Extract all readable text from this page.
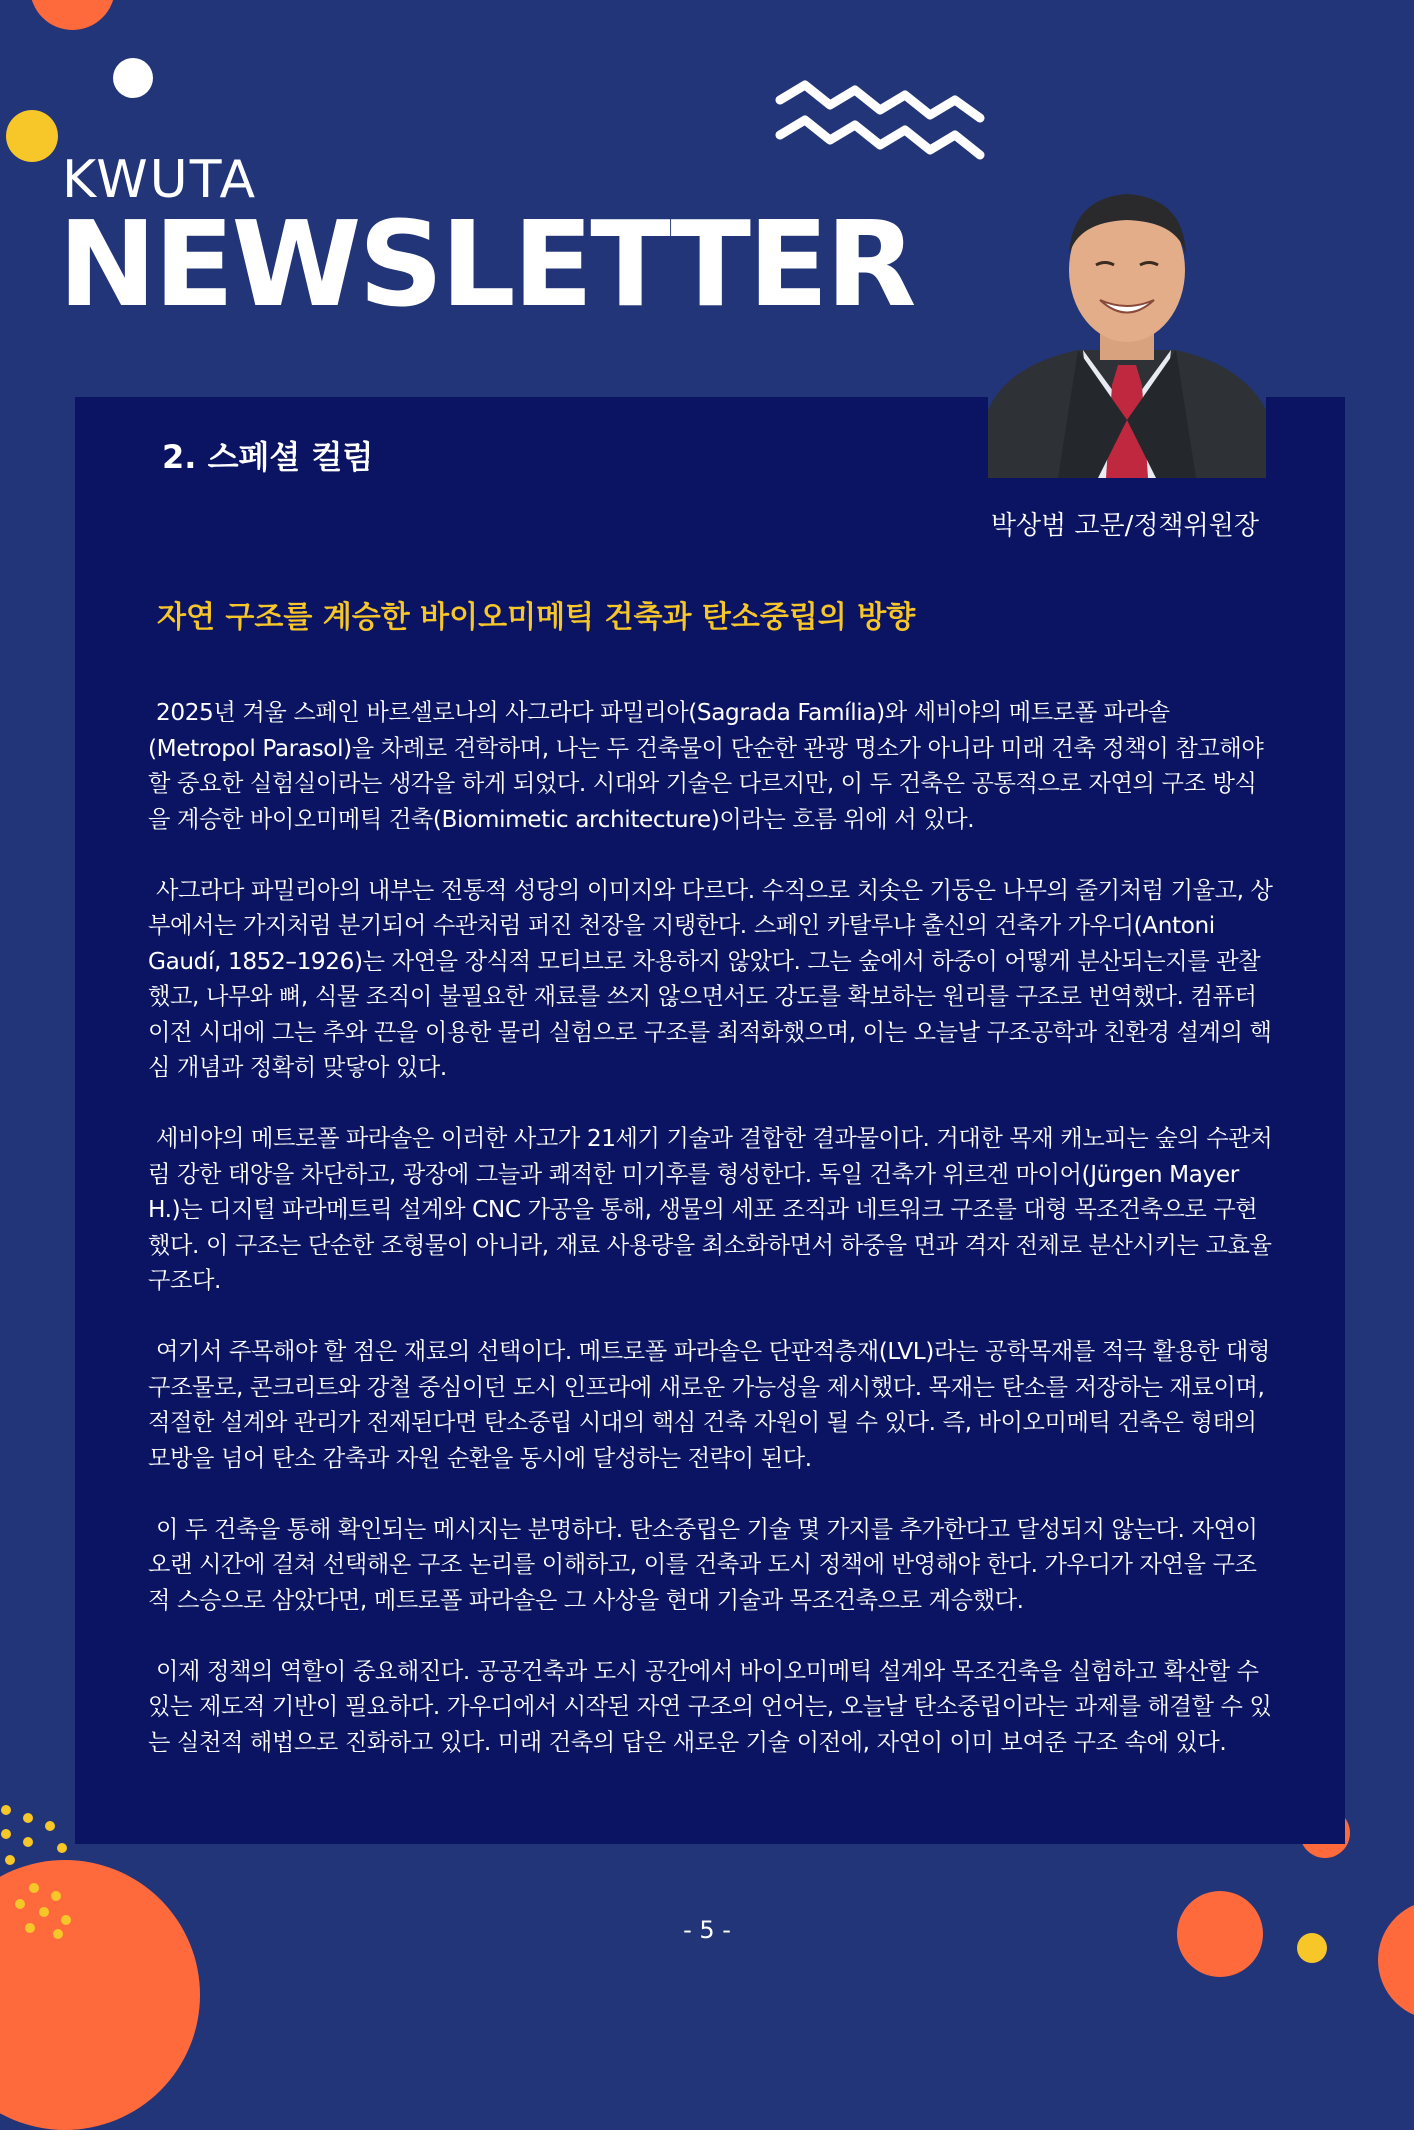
KWUTA
NEWSLETTER
2. 스페셜 컬럼
박상범 고문/정책위원장
자연 구조를 계승한 바이오미메틱 건축과 탄소중립의 방향

2025년 겨울 스페인 바르셀로나의 사그라다 파밀리아(Sagrada Família)와 세비야의 메트로폴 파라솔(Metropol Parasol)을 차례로 견학하며, 나는 두 건축물이 단순한 관광 명소가 아니라 미래 건축 정책이 참고해야 할 중요한 실험실이라는 생각을 하게 되었다. 시대와 기술은 다르지만, 이 두 건축은 공통적으로 자연의 구조 방식을 계승한 바이오미메틱 건축(Biomimetic architecture)이라는 흐름 위에 서 있다.

사그라다 파밀리아의 내부는 전통적 성당의 이미지와 다르다. 수직으로 치솟은 기둥은 나무의 줄기처럼 기울고, 상부에서는 가지처럼 분기되어 수관처럼 퍼진 천장을 지탱한다. 스페인 카탈루냐 출신의 건축가 가우디(Antoni Gaudí, 1852–1926)는 자연을 장식적 모티브로 차용하지 않았다. 그는 숲에서 하중이 어떻게 분산되는지를 관찰했고, 나무와 뼈, 식물 조직이 불필요한 재료를 쓰지 않으면서도 강도를 확보하는 원리를 구조로 번역했다. 컴퓨터 이전 시대에 그는 추와 끈을 이용한 물리 실험으로 구조를 최적화했으며, 이는 오늘날 구조공학과 친환경 설계의 핵심 개념과 정확히 맞닿아 있다.

세비야의 메트로폴 파라솔은 이러한 사고가 21세기 기술과 결합한 결과물이다. 거대한 목재 캐노피는 숲의 수관처럼 강한 태양을 차단하고, 광장에 그늘과 쾌적한 미기후를 형성한다. 독일 건축가 위르겐 마이어(Jürgen Mayer H.)는 디지털 파라메트릭 설계와 CNC 가공을 통해, 생물의 세포 조직과 네트워크 구조를 대형 목조건축으로 구현했다. 이 구조는 단순한 조형물이 아니라, 재료 사용량을 최소화하면서 하중을 면과 격자 전체로 분산시키는 고효율 구조다.

여기서 주목해야 할 점은 재료의 선택이다. 메트로폴 파라솔은 단판적층재(LVL)라는 공학목재를 적극 활용한 대형 구조물로, 콘크리트와 강철 중심이던 도시 인프라에 새로운 가능성을 제시했다. 목재는 탄소를 저장하는 재료이며, 적절한 설계와 관리가 전제된다면 탄소중립 시대의 핵심 건축 자원이 될 수 있다. 즉, 바이오미메틱 건축은 형태의 모방을 넘어 탄소 감축과 자원 순환을 동시에 달성하는 전략이 된다.

이 두 건축을 통해 확인되는 메시지는 분명하다. 탄소중립은 기술 몇 가지를 추가한다고 달성되지 않는다. 자연이 오랜 시간에 걸쳐 선택해온 구조 논리를 이해하고, 이를 건축과 도시 정책에 반영해야 한다. 가우디가 자연을 구조적 스승으로 삼았다면, 메트로폴 파라솔은 그 사상을 현대 기술과 목조건축으로 계승했다.

이제 정책의 역할이 중요해진다. 공공건축과 도시 공간에서 바이오미메틱 설계와 목조건축을 실험하고 확산할 수 있는 제도적 기반이 필요하다. 가우디에서 시작된 자연 구조의 언어는, 오늘날 탄소중립이라는 과제를 해결할 수 있는 실천적 해법으로 진화하고 있다. 미래 건축의 답은 새로운 기술 이전에, 자연이 이미 보여준 구조 속에 있다.

- 5 -
